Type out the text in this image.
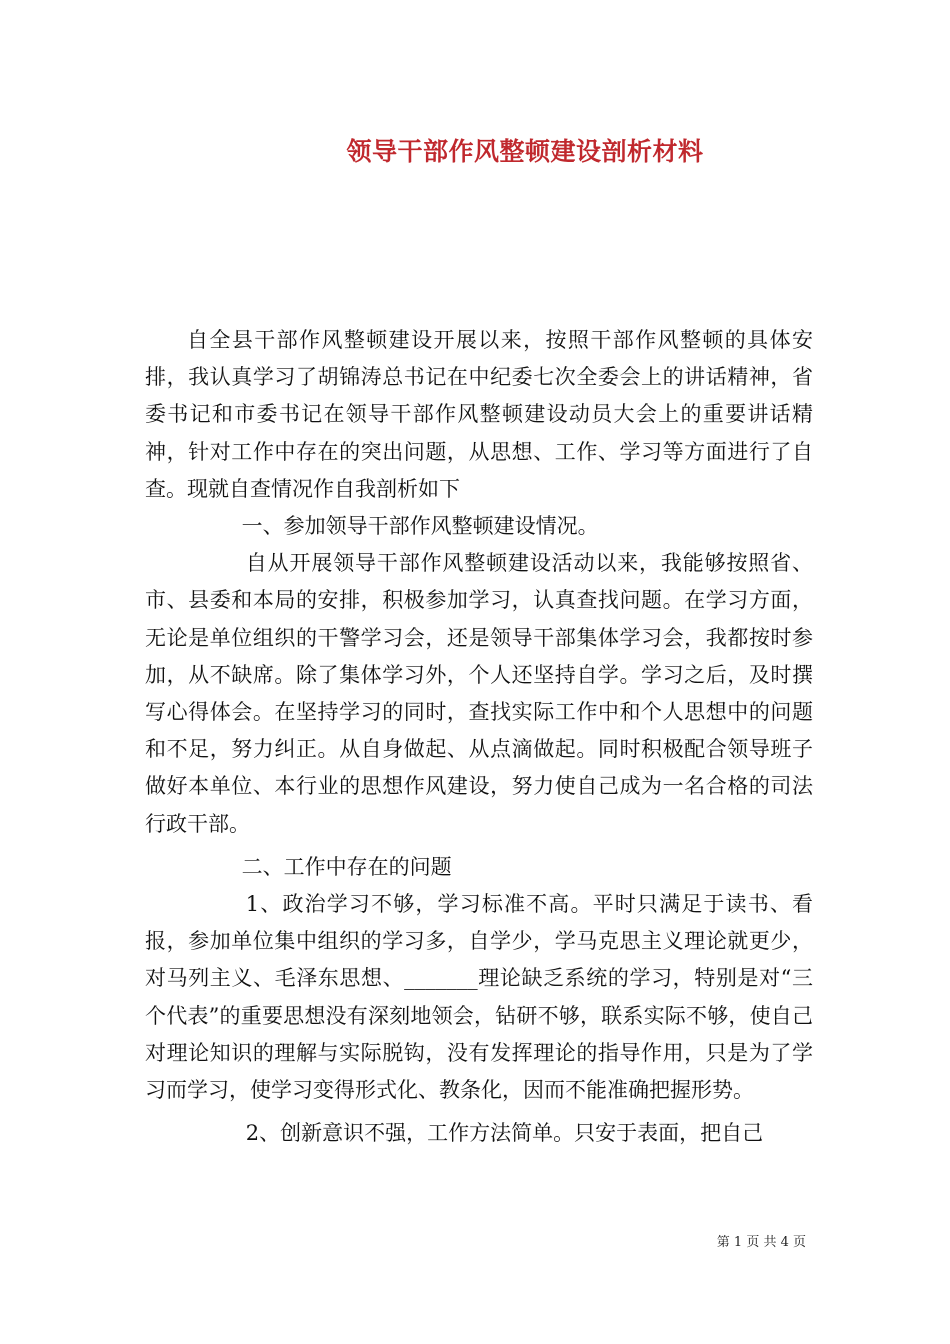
领导干部作风整顿建设剖析材料

自全县干部作风整顿建设开展以来，按照干部作风整顿的具体安排，我认真学习了胡锦涛总书记在中纪委七次全委会上的讲话精神，省委书记和市委书记在领导干部作风整顿建设动员大会上的重要讲话精神，针对工作中存在的突出问题，从思想、工作、学习等方面进行了自查。现就自查情况作自我剖析如下

一、参加领导干部作风整顿建设情况。

自从开展领导干部作风整顿建设活动以来，我能够按照省、市、县委和本局的安排，积极参加学习，认真查找问题。在学习方面，无论是单位组织的干警学习会，还是领导干部集体学习会，我都按时参加，从不缺席。除了集体学习外，个人还坚持自学。学习之后，及时撰写心得体会。在坚持学习的同时，查找实际工作中和个人思想中的问题和不足，努力纠正。从自身做起、从点滴做起。同时积极配合领导班子做好本单位、本行业的思想作风建设，努力使自己成为一名合格的司法行政干部。

二、工作中存在的问题

1、政治学习不够，学习标准不高。平时只满足于读书、看报，参加单位集中组织的学习多，自学少，学马克思主义理论就更少，对马列主义、毛泽东思想、_______理论缺乏系统的学习，特别是对“三个代表”的重要思想没有深刻地领会，钻研不够，联系实际不够，使自己对理论知识的理解与实际脱钩，没有发挥理论的指导作用，只是为了学习而学习，使学习变得形式化、教条化，因而不能准确把握形势。

2、创新意识不强，工作方法简单。只安于表面，把自己

第 1 页 共 4 页
